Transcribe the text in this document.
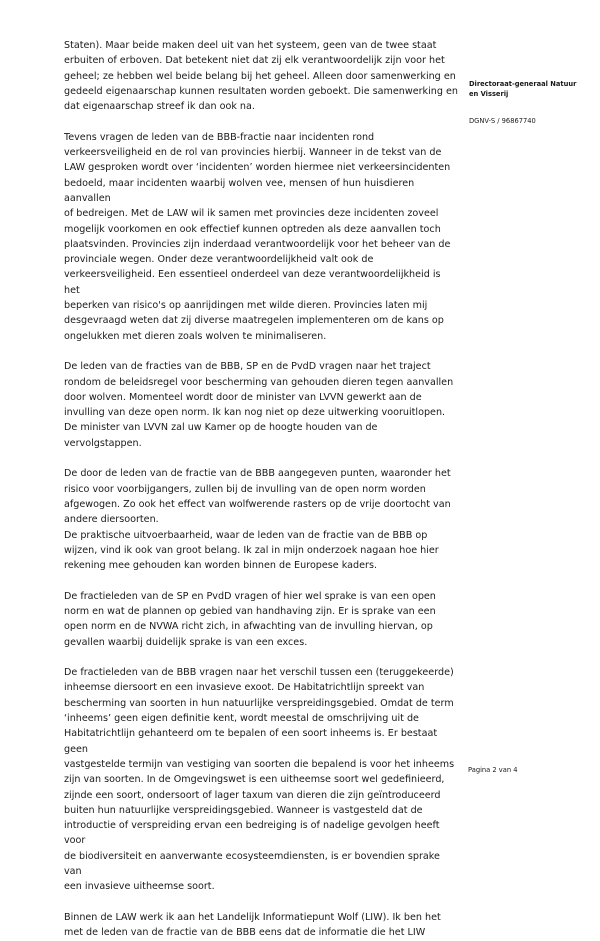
Staten). Maar beide maken deel uit van het systeem, geen van de twee staat
erbuiten of erboven. Dat betekent niet dat zij elk verantwoordelijk zijn voor het
geheel; ze hebben wel beide belang bij het geheel. Alleen door samenwerking en
gedeeld eigenaarschap kunnen resultaten worden geboekt. Die samenwerking en
dat eigenaarschap streef ik dan ook na.

Tevens vragen de leden van de BBB-fractie naar incidenten rond
verkeersveiligheid en de rol van provincies hierbij. Wanneer in de tekst van de
LAW gesproken wordt over ‘incidenten’ worden hiermee niet verkeersincidenten
bedoeld, maar incidenten waarbij wolven vee, mensen of hun huisdieren aanvallen
of bedreigen. Met de LAW wil ik samen met provincies deze incidenten zoveel
mogelijk voorkomen en ook effectief kunnen optreden als deze aanvallen toch
plaatsvinden. Provincies zijn inderdaad verantwoordelijk voor het beheer van de
provinciale wegen. Onder deze verantwoordelijkheid valt ook de
verkeersveiligheid. Een essentieel onderdeel van deze verantwoordelijkheid is het
beperken van risico's op aanrijdingen met wilde dieren. Provincies laten mij
desgevraagd weten dat zij diverse maatregelen implementeren om de kans op
ongelukken met dieren zoals wolven te minimaliseren.

De leden van de fracties van de BBB, SP en de PvdD vragen naar het traject
rondom de beleidsregel voor bescherming van gehouden dieren tegen aanvallen
door wolven. Momenteel wordt door de minister van LVVN gewerkt aan de
invulling van deze open norm. Ik kan nog niet op deze uitwerking vooruitlopen.
De minister van LVVN zal uw Kamer op de hoogte houden van de
vervolgstappen.

De door de leden van de fractie van de BBB aangegeven punten, waaronder het
risico voor voorbijgangers, zullen bij de invulling van de open norm worden
afgewogen. Zo ook het effect van wolfwerende rasters op de vrije doortocht van
andere diersoorten.
De praktische uitvoerbaarheid, waar de leden van de fractie van de BBB op
wijzen, vind ik ook van groot belang. Ik zal in mijn onderzoek nagaan hoe hier
rekening mee gehouden kan worden binnen de Europese kaders.

De fractieleden van de SP en PvdD vragen of hier wel sprake is van een open
norm en wat de plannen op gebied van handhaving zijn. Er is sprake van een
open norm en de NVWA richt zich, in afwachting van de invulling hiervan, op
gevallen waarbij duidelijk sprake is van een exces.

De fractieleden van de BBB vragen naar het verschil tussen een (teruggekeerde)
inheemse diersoort en een invasieve exoot. De Habitatrichtlijn spreekt van
bescherming van soorten in hun natuurlijke verspreidingsgebied. Omdat de term
‘inheems’ geen eigen definitie kent, wordt meestal de omschrijving uit de
Habitatrichtlijn gehanteerd om te bepalen of een soort inheems is. Er bestaat geen
vastgestelde termijn van vestiging van soorten die bepalend is voor het inheems
zijn van soorten. In de Omgevingswet is een uitheemse soort wel gedefinieerd,
zijnde een soort, ondersoort of lager taxum van dieren die zijn geïntroduceerd
buiten hun natuurlijke verspreidingsgebied. Wanneer is vastgesteld dat de
introductie of verspreiding ervan een bedreiging is of nadelige gevolgen heeft voor
de biodiversiteit en aanverwante ecosysteemdiensten, is er bovendien sprake van
een invasieve uitheemse soort.

Binnen de LAW werk ik aan het Landelijk Informatiepunt Wolf (LIW). Ik ben het
met de leden van de fractie van de BBB eens dat de informatie die het LIW

Directoraat-generaal Natuur
en Visserij
DGNV-S / 96867740
Pagina 2 van 4
